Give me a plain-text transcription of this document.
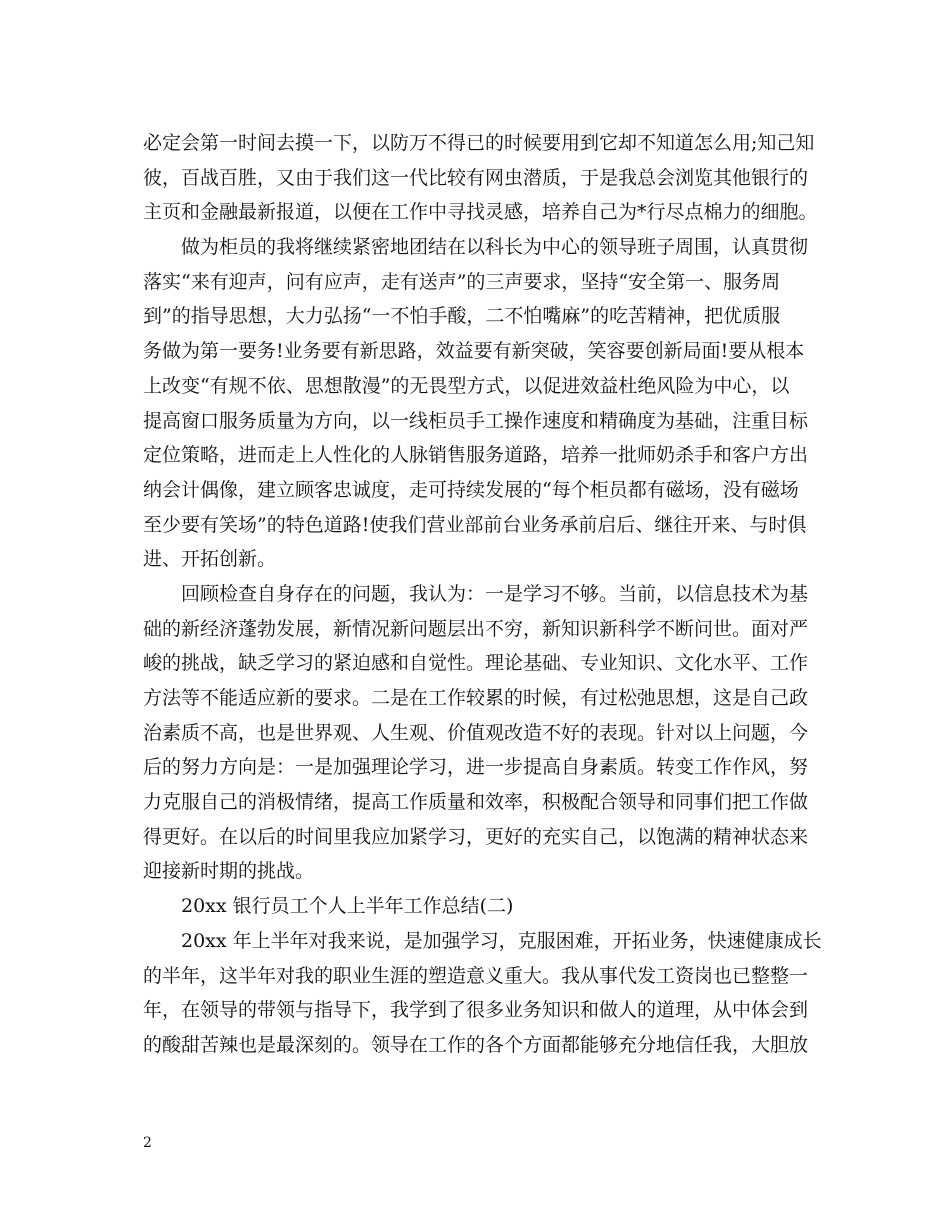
必定会第一时间去摸一下，以防万不得已的时候要用到它却不知道怎么用;知己知
彼，百战百胜，又由于我们这一代比较有网虫潜质，于是我总会浏览其他银行的
主页和金融最新报道，以便在工作中寻找灵感，培养自己为*行尽点棉力的细胞。
做为柜员的我将继续紧密地团结在以科长为中心的领导班子周围，认真贯彻
落实“来有迎声，问有应声，走有送声”的三声要求，坚持“安全第一、服务周
到”的指导思想，大力弘扬“一不怕手酸，二不怕嘴麻”的吃苦精神，把优质服
务做为第一要务!业务要有新思路，效益要有新突破，笑容要创新局面!要从根本
上改变“有规不依、思想散漫”的无畏型方式，以促进效益杜绝风险为中心，以
提高窗口服务质量为方向，以一线柜员手工操作速度和精确度为基础，注重目标
定位策略，进而走上人性化的人脉销售服务道路，培养一批师奶杀手和客户方出
纳会计偶像，建立顾客忠诚度，走可持续发展的“每个柜员都有磁场，没有磁场
至少要有笑场”的特色道路!使我们营业部前台业务承前启后、继往开来、与时俱
进、开拓创新。
回顾检查自身存在的问题，我认为：一是学习不够。当前，以信息技术为基
础的新经济蓬勃发展，新情况新问题层出不穷，新知识新科学不断问世。面对严
峻的挑战，缺乏学习的紧迫感和自觉性。理论基础、专业知识、文化水平、工作
方法等不能适应新的要求。二是在工作较累的时候，有过松弛思想，这是自己政
治素质不高，也是世界观、人生观、价值观改造不好的表现。针对以上问题，今
后的努力方向是：一是加强理论学习，进一步提高自身素质。转变工作作风，努
力克服自己的消极情绪，提高工作质量和效率，积极配合领导和同事们把工作做
得更好。在以后的时间里我应加紧学习，更好的充实自己，以饱满的精神状态来
迎接新时期的挑战。
20xx 银行员工个人上半年工作总结(二)
20xx 年上半年对我来说，是加强学习，克服困难，开拓业务，快速健康成长
的半年，这半年对我的职业生涯的塑造意义重大。我从事代发工资岗也已整整一
年，在领导的带领与指导下，我学到了很多业务知识和做人的道理，从中体会到
的酸甜苦辣也是最深刻的。领导在工作的各个方面都能够充分地信任我，大胆放
2
